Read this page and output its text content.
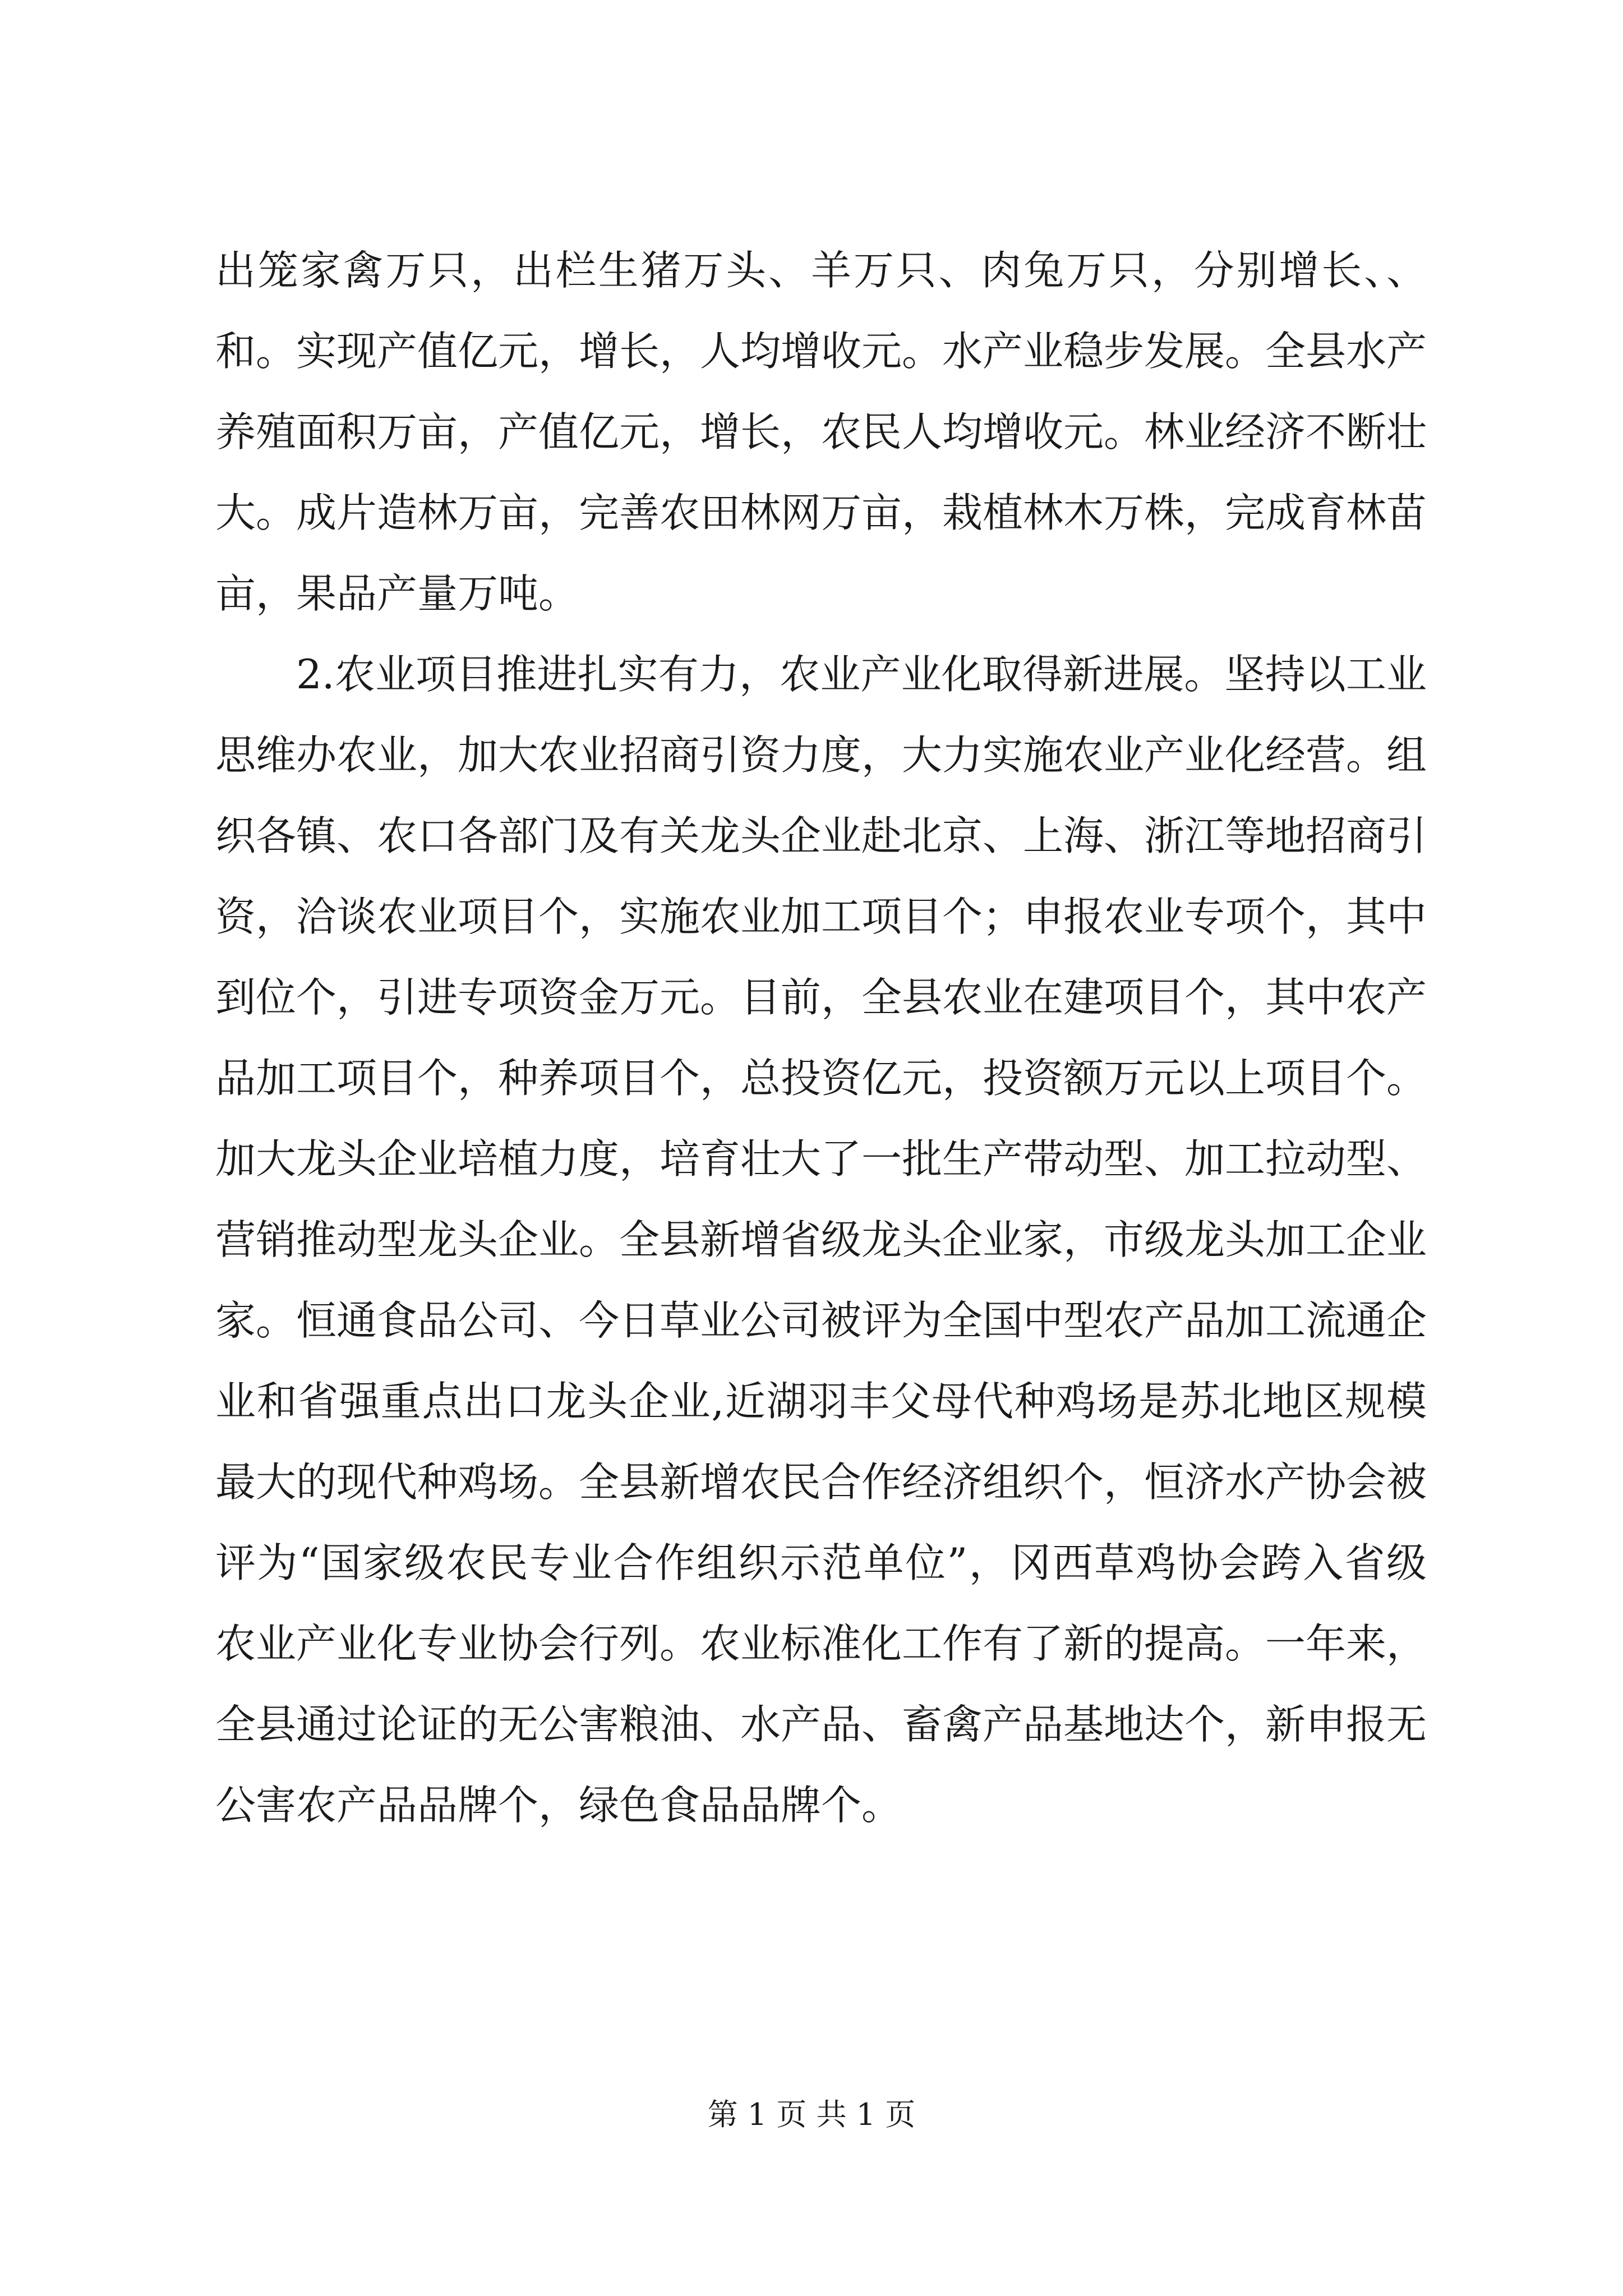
出笼家禽万只，出栏生猪万头、羊万只、肉兔万只，分别增长、、和。实现产值亿元，增长，人均增收元。水产业稳步发展。全县水产养殖面积万亩，产值亿元，增长，农民人均增收元。林业经济不断壮大。成片造林万亩，完善农田林网万亩，栽植林木万株，完成育林苗亩，果品产量万吨。

2.农业项目推进扎实有力，农业产业化取得新进展。坚持以工业思维办农业，加大农业招商引资力度，大力实施农业产业化经营。组织各镇、农口各部门及有关龙头企业赴北京、上海、浙江等地招商引资，洽谈农业项目个，实施农业加工项目个；申报农业专项个，其中到位个，引进专项资金万元。目前，全县农业在建项目个，其中农产品加工项目个，种养项目个，总投资亿元，投资额万元以上项目个。加大龙头企业培植力度，培育壮大了一批生产带动型、加工拉动型、营销推动型龙头企业。全县新增省级龙头企业家，市级龙头加工企业家。恒通食品公司、今日草业公司被评为全国中型农产品加工流通企业和省强重点出口龙头企业,近湖羽丰父母代种鸡场是苏北地区规模最大的现代种鸡场。全县新增农民合作经济组织个，恒济水产协会被评为“国家级农民专业合作组织示范单位”，冈西草鸡协会跨入省级农业产业化专业协会行列。农业标准化工作有了新的提高。一年来，全县通过论证的无公害粮油、水产品、畜禽产品基地达个，新申报无公害农产品品牌个，绿色食品品牌个。

第 1 页 共 1 页
